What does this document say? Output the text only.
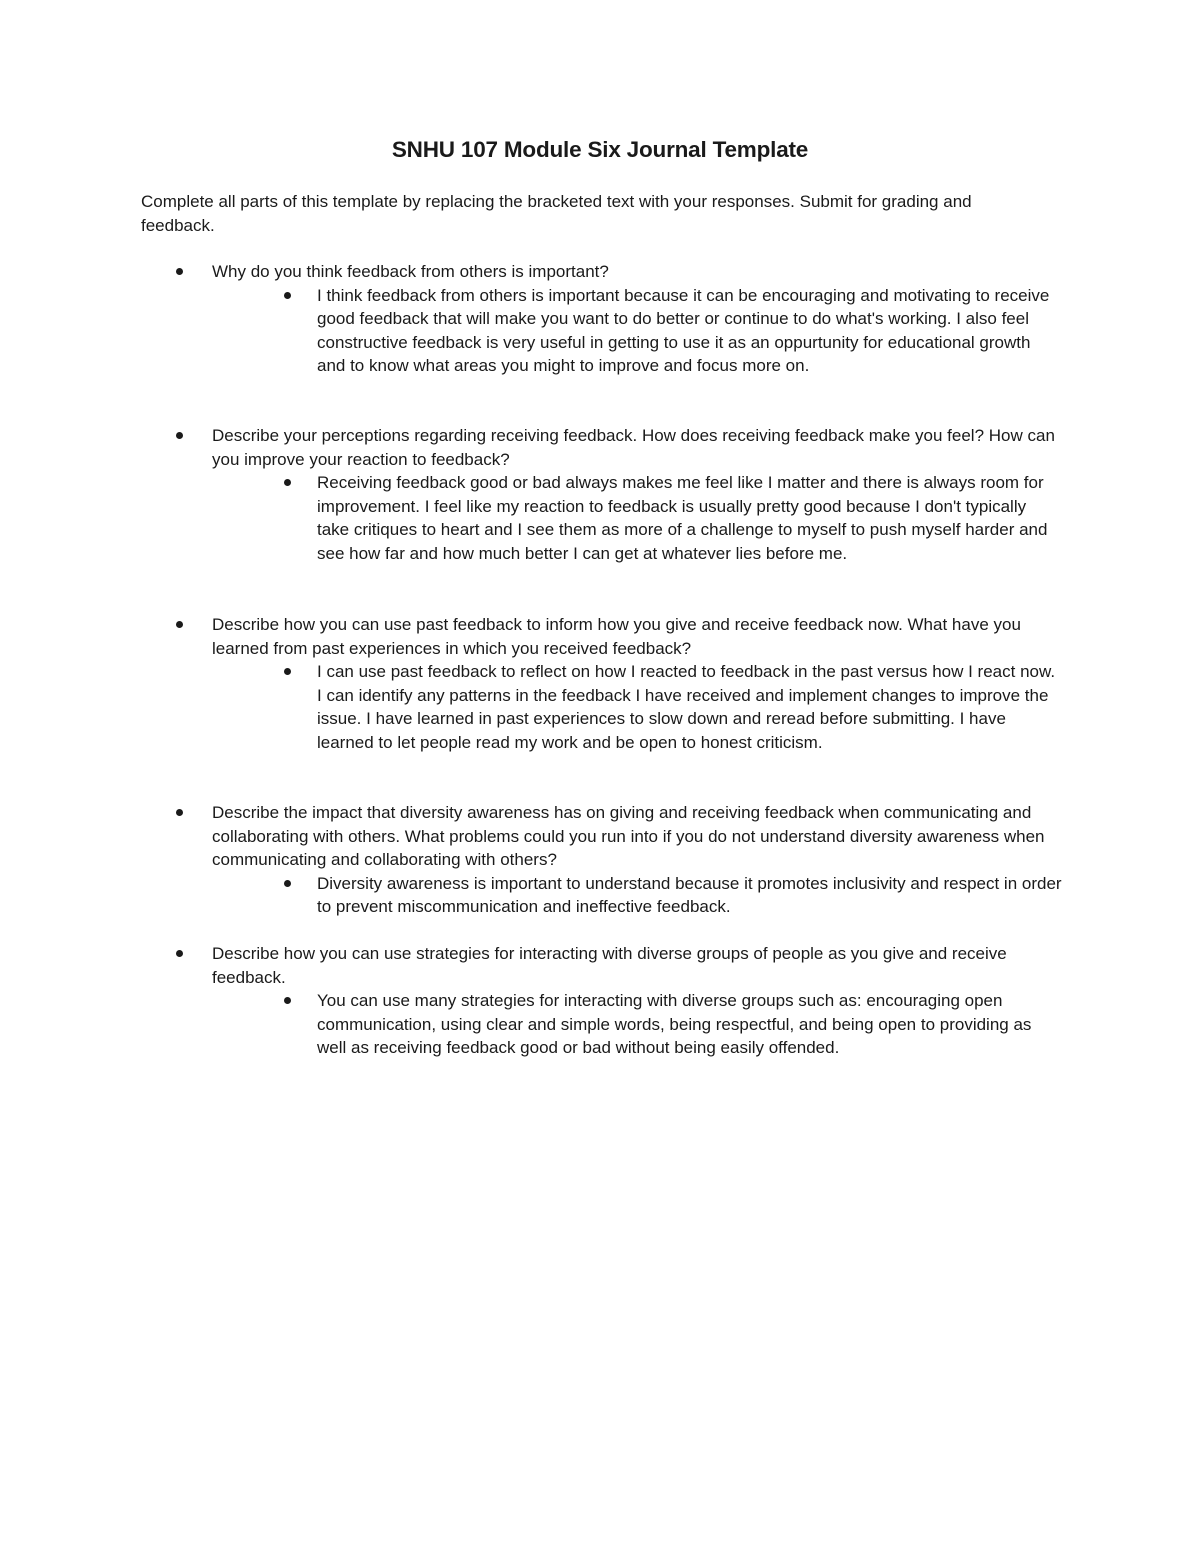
SNHU 107 Module Six Journal Template
Complete all parts of this template by replacing the bracketed text with your responses. Submit for grading and feedback.
Why do you think feedback from others is important?
I think feedback from others is important because it can be encouraging and motivating to receive good feedback that will make you want to do better or continue to do what's working. I also feel constructive feedback is very useful in getting to use it as an oppurtunity for educational growth and to know what areas you might to improve and focus more on.
Describe your perceptions regarding receiving feedback. How does receiving feedback make you feel? How can you improve your reaction to feedback?
Receiving feedback good or bad always makes me feel like I matter and there is always room for improvement. I feel like my reaction to feedback is usually pretty good because I don't typically take critiques to heart and I see them as more of a challenge to myself to push myself harder and see how far and how much better I can get at whatever lies before me.
Describe how you can use past feedback to inform how you give and receive feedback now. What have you learned from past experiences in which you received feedback?
I can use past feedback to reflect on how I reacted to feedback in the past versus how I react now. I can identify any patterns in the feedback I have received and implement changes to improve the issue. I have learned in past experiences to slow down and reread before submitting. I have learned to let people read my work and be open to honest criticism.
Describe the impact that diversity awareness has on giving and receiving feedback when communicating and collaborating with others. What problems could you run into if you do not understand diversity awareness when communicating and collaborating with others?
Diversity awareness is important to understand because it promotes inclusivity and respect in order to prevent miscommunication and ineffective feedback.
Describe how you can use strategies for interacting with diverse groups of people as you give and receive feedback.
You can use many strategies for interacting with diverse groups such as: encouraging open communication, using clear and simple words, being respectful, and being open to providing as well as receiving feedback good or bad without being easily offended.
